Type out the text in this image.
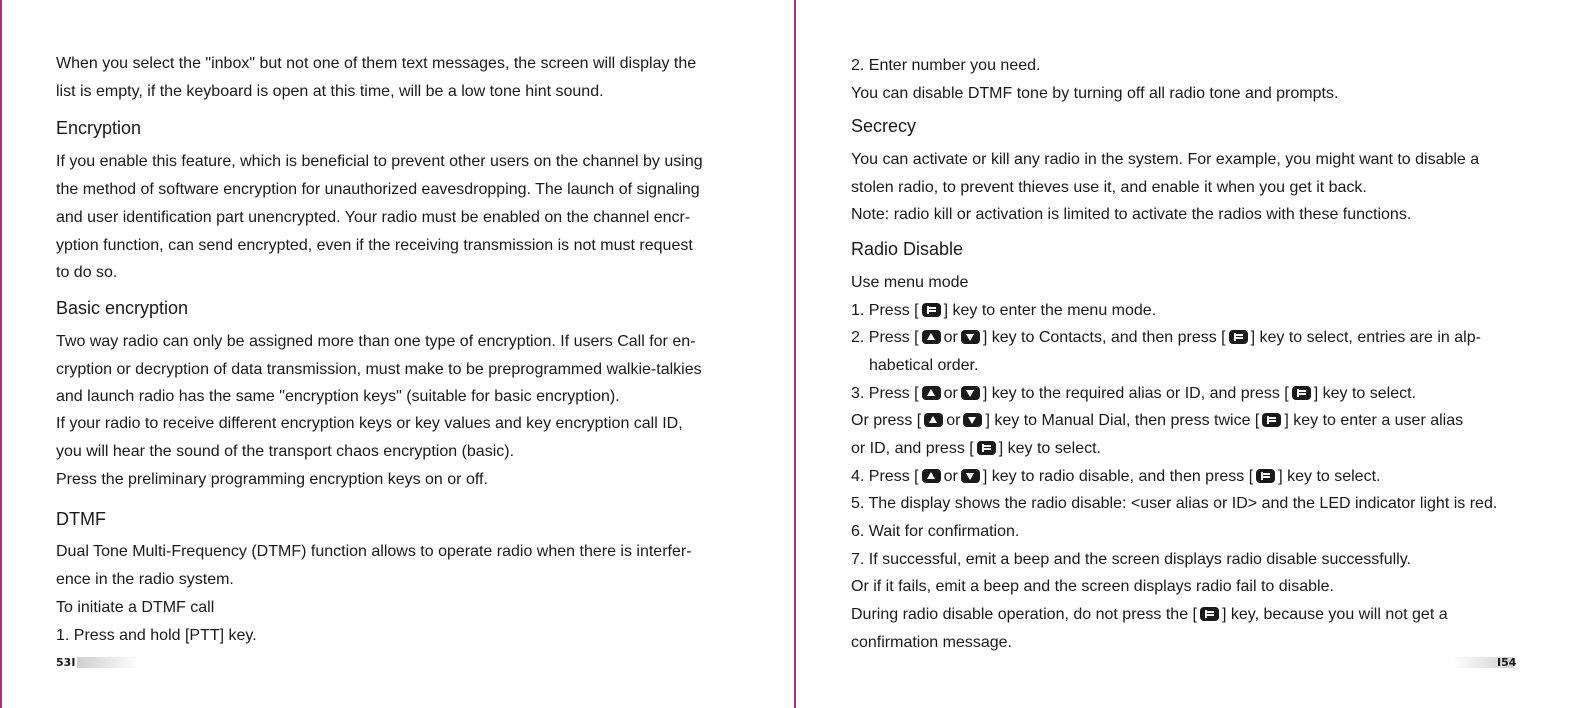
When you select the "inbox" but not one of them text messages, the screen will display the
list is empty, if the keyboard is open at this time, will be a low tone hint sound.
Encryption
If you enable this feature, which is beneficial to prevent other users on the channel by using
the method of software encryption for unauthorized eavesdropping. The launch of signaling
and user identification part unencrypted. Your radio must be enabled on the channel encr-
yption function, can send encrypted, even if the receiving transmission is not must request
to do so.
Basic encryption
Two way radio can only be assigned more than one type of encryption. If users Call for en-
cryption or decryption of data transmission, must make to be preprogrammed walkie-talkies
and launch radio has the same "encryption keys" (suitable for basic encryption).
If your radio to receive different encryption keys or key values and key encryption call ID,
you will hear the sound of the transport chaos encryption (basic).
Press the preliminary programming encryption keys on or off.
DTMF
Dual Tone Multi-Frequency (DTMF) function allows to operate radio when there is interfer-
ence in the radio system.
To initiate a DTMF call
1. Press and hold [PTT] key.
53I
2. Enter number you need.
You can disable DTMF tone by turning off all radio tone and prompts.
Secrecy
You can activate or kill any radio in the system. For example, you might want to disable a
stolen radio, to prevent thieves use it, and enable it when you get it back.
Note: radio kill or activation is limited to activate the radios with these functions.
Radio Disable
Use menu mode
1. Press [ ] key to enter the menu mode.
2. Press [ or ] key to Contacts, and then press [ ] key to select, entries are in alp-
habetical order.
3. Press [ or ] key to the required alias or ID, and press [ ] key to select.
Or press [ or ] key to Manual Dial, then press twice [ ] key to enter a user alias
or ID, and press [ ] key to select.
4. Press [ or ] key to radio disable, and then press [ ] key to select.
5. The display shows the radio disable: <user alias or ID> and the LED indicator light is red.
6. Wait for confirmation.
7. If successful, emit a beep and the screen displays radio disable successfully.
Or if it fails, emit a beep and the screen displays radio fail to disable.
During radio disable operation, do not press the [ ] key, because you will not get a
confirmation message.
I54
